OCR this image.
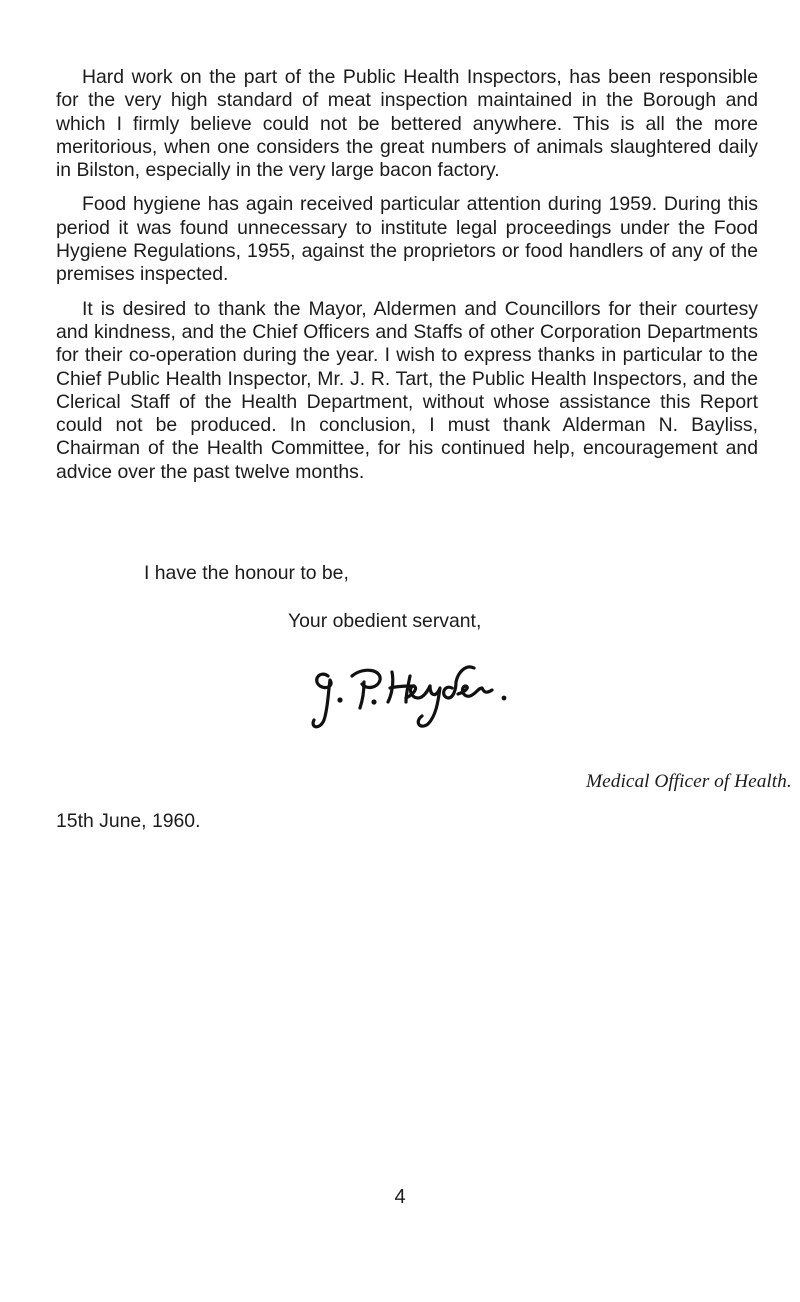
Hard work on the part of the Public Health Inspectors, has been responsible for the very high standard of meat inspection maintained in the Borough and which I firmly believe could not be bettered anywhere. This is all the more meritorious, when one considers the great numbers of animals slaughtered daily in Bilston, especially in the very large bacon factory.

Food hygiene has again received particular attention during 1959. During this period it was found unnecessary to institute legal proceedings under the Food Hygiene Regulations, 1955, against the proprietors or food handlers of any of the premises inspected.

It is desired to thank the Mayor, Aldermen and Councillors for their courtesy and kindness, and the Chief Officers and Staffs of other Corporation Departments for their co-operation during the year. I wish to express thanks in particular to the Chief Public Health Inspector, Mr. J. R. Tart, the Public Health Inspectors, and the Clerical Staff of the Health Department, without whose assistance this Report could not be produced. In conclusion, I must thank Alderman N. Bayliss, Chairman of the Health Committee, for his continued help, encouragement and advice over the past twelve months.

I have the honour to be,

Your obedient servant,

Medical Officer of Health.

15th June, 1960.

4
